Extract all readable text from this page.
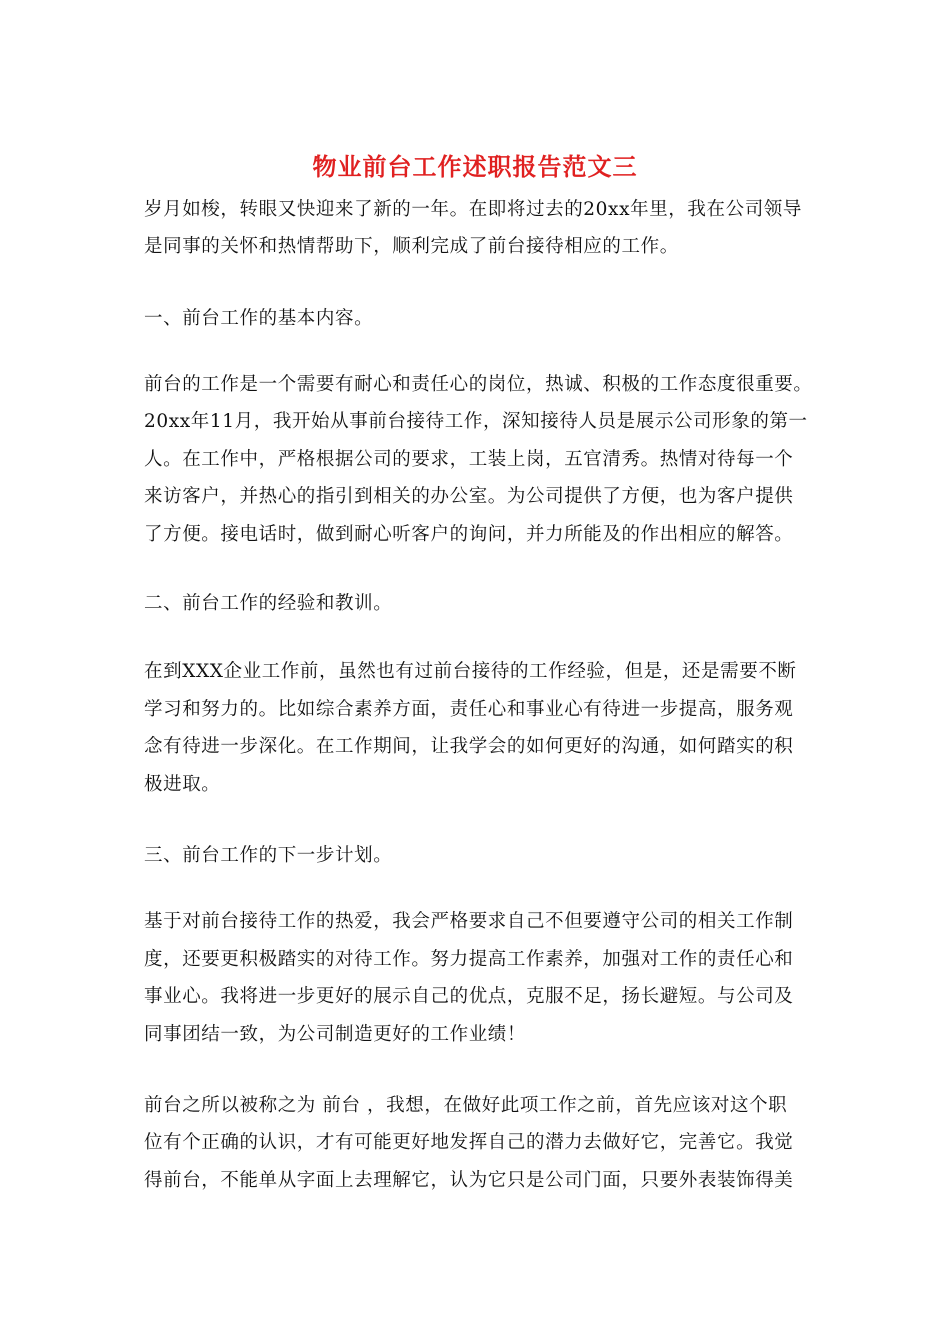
物业前台工作述职报告范文三
岁月如梭，转眼又快迎来了新的一年。在即将过去的20xx年里，我在公司领导
是同事的关怀和热情帮助下，顺利完成了前台接待相应的工作。
一、前台工作的基本内容。
前台的工作是一个需要有耐心和责任心的岗位，热诚、积极的工作态度很重要。
20xx年11月，我开始从事前台接待工作，深知接待人员是展示公司形象的第一
人。在工作中，严格根据公司的要求，工装上岗，五官清秀。热情对待每一个
来访客户，并热心的指引到相关的办公室。为公司提供了方便，也为客户提供
了方便。接电话时，做到耐心听客户的询问，并力所能及的作出相应的解答。
二、前台工作的经验和教训。
在到XXX企业工作前，虽然也有过前台接待的工作经验，但是，还是需要不断
学习和努力的。比如综合素养方面，责任心和事业心有待进一步提高，服务观
念有待进一步深化。在工作期间，让我学会的如何更好的沟通，如何踏实的积
极进取。
三、前台工作的下一步计划。
基于对前台接待工作的热爱，我会严格要求自己不但要遵守公司的相关工作制
度，还要更积极踏实的对待工作。努力提高工作素养，加强对工作的责任心和
事业心。我将进一步更好的展示自己的优点，克服不足，扬长避短。与公司及
同事团结一致，为公司制造更好的工作业绩！
前台之所以被称之为 前台 ，我想，在做好此项工作之前，首先应该对这个职
位有个正确的认识，才有可能更好地发挥自己的潜力去做好它，完善它。我觉
得前台，不能单从字面上去理解它，认为它只是公司门面，只要外表装饰得美
